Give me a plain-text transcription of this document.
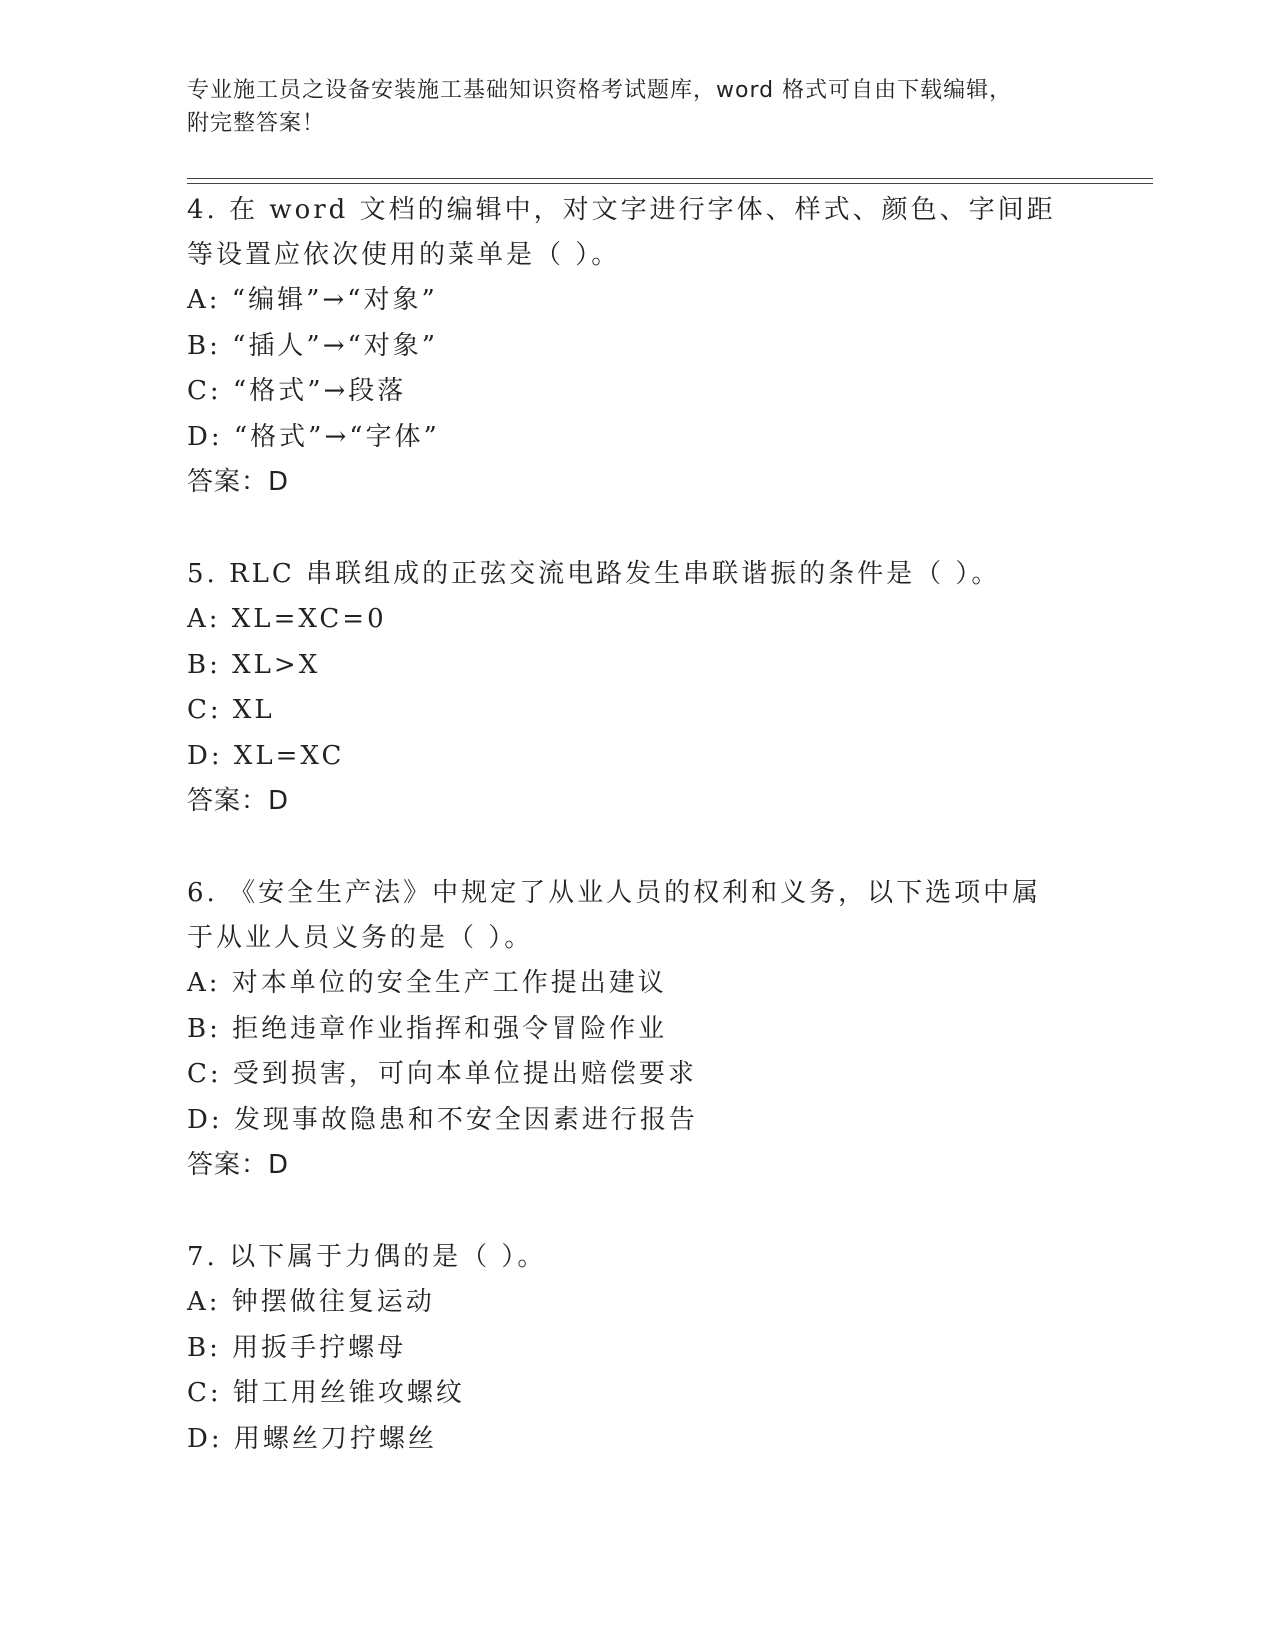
专业施工员之设备安装施工基础知识资格考试题库，word 格式可自由下载编辑，
附完整答案！

4. 在 word 文档的编辑中，对文字进行字体、样式、颜色、字间距等设置应依次使用的菜单是（ ）。

A: “编辑”→“对象”

B: “插人”→“对象”

C: “格式”→段落

D: “格式”→“字体”

答案：D

5. RLC 串联组成的正弦交流电路发生串联谐振的条件是（ ）。

A: XL=XC=0

B: XL>X

C: XL

D: XL=XC

答案：D

6. 《安全生产法》中规定了从业人员的权利和义务，以下选项中属于从业人员义务的是（ ）。

A: 对本单位的安全生产工作提出建议

B: 拒绝违章作业指挥和强令冒险作业

C: 受到损害，可向本单位提出赔偿要求

D: 发现事故隐患和不安全因素进行报告

答案：D

7. 以下属于力偶的是（ ）。

A: 钟摆做往复运动

B: 用扳手拧螺母

C: 钳工用丝锥攻螺纹

D: 用螺丝刀拧螺丝
